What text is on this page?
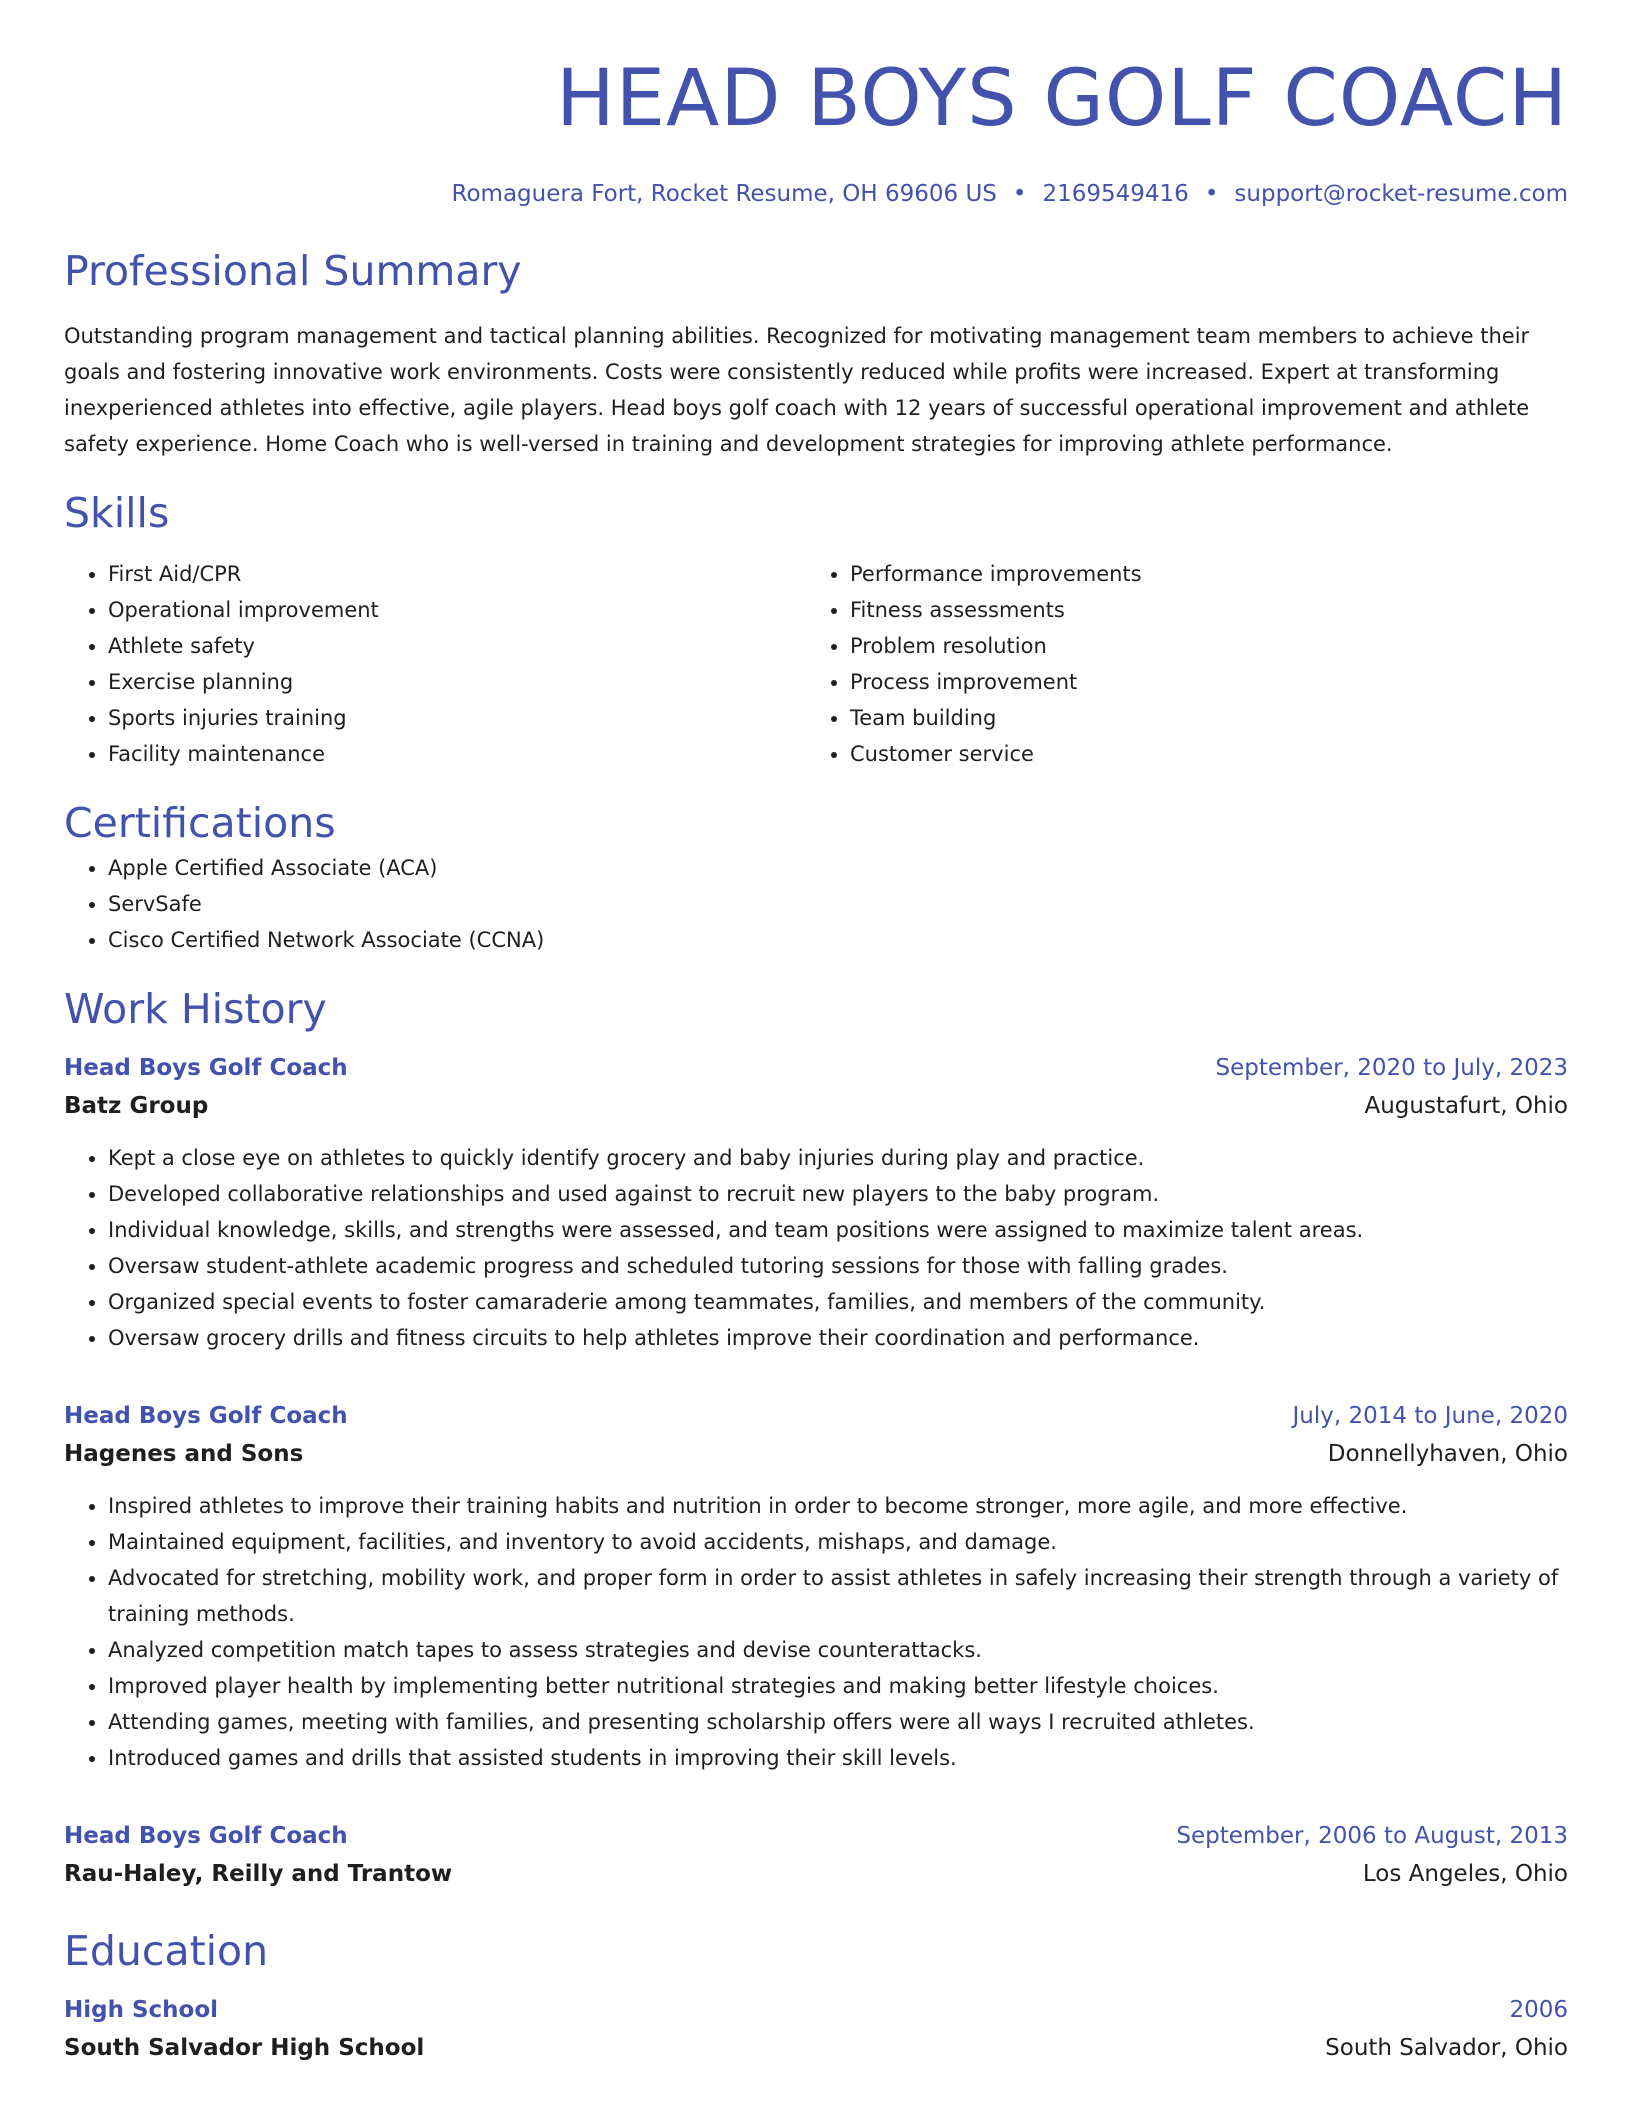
HEAD BOYS GOLF COACH
Romaguera Fort, Rocket Resume, OH 69606 US • 2169549416 • support@rocket-resume.com
Professional Summary
Outstanding program management and tactical planning abilities. Recognized for motivating management team members to achieve their goals and fostering innovative work environments. Costs were consistently reduced while profits were increased. Expert at transforming inexperienced athletes into effective, agile players. Head boys golf coach with 12 years of successful operational improvement and athlete safety experience. Home Coach who is well-versed in training and development strategies for improving athlete performance.
Skills
• First Aid/CPR
• Operational improvement
• Athlete safety
• Exercise planning
• Sports injuries training
• Facility maintenance
• Performance improvements
• Fitness assessments
• Problem resolution
• Process improvement
• Team building
• Customer service
Certifications
• Apple Certified Associate (ACA)
• ServSafe
• Cisco Certified Network Associate (CCNA)
Work History
Head Boys Golf Coach	September, 2020 to July, 2023
Batz Group	Augustafurt, Ohio
• Kept a close eye on athletes to quickly identify grocery and baby injuries during play and practice.
• Developed collaborative relationships and used against to recruit new players to the baby program.
• Individual knowledge, skills, and strengths were assessed, and team positions were assigned to maximize talent areas.
• Oversaw student-athlete academic progress and scheduled tutoring sessions for those with falling grades.
• Organized special events to foster camaraderie among teammates, families, and members of the community.
• Oversaw grocery drills and fitness circuits to help athletes improve their coordination and performance.
Head Boys Golf Coach	July, 2014 to June, 2020
Hagenes and Sons	Donnellyhaven, Ohio
• Inspired athletes to improve their training habits and nutrition in order to become stronger, more agile, and more effective.
• Maintained equipment, facilities, and inventory to avoid accidents, mishaps, and damage.
• Advocated for stretching, mobility work, and proper form in order to assist athletes in safely increasing their strength through a variety of training methods.
• Analyzed competition match tapes to assess strategies and devise counterattacks.
• Improved player health by implementing better nutritional strategies and making better lifestyle choices.
• Attending games, meeting with families, and presenting scholarship offers were all ways I recruited athletes.
• Introduced games and drills that assisted students in improving their skill levels.
Head Boys Golf Coach	September, 2006 to August, 2013
Rau-Haley, Reilly and Trantow	Los Angeles, Ohio
Education
High School	2006
South Salvador High School	South Salvador, Ohio
